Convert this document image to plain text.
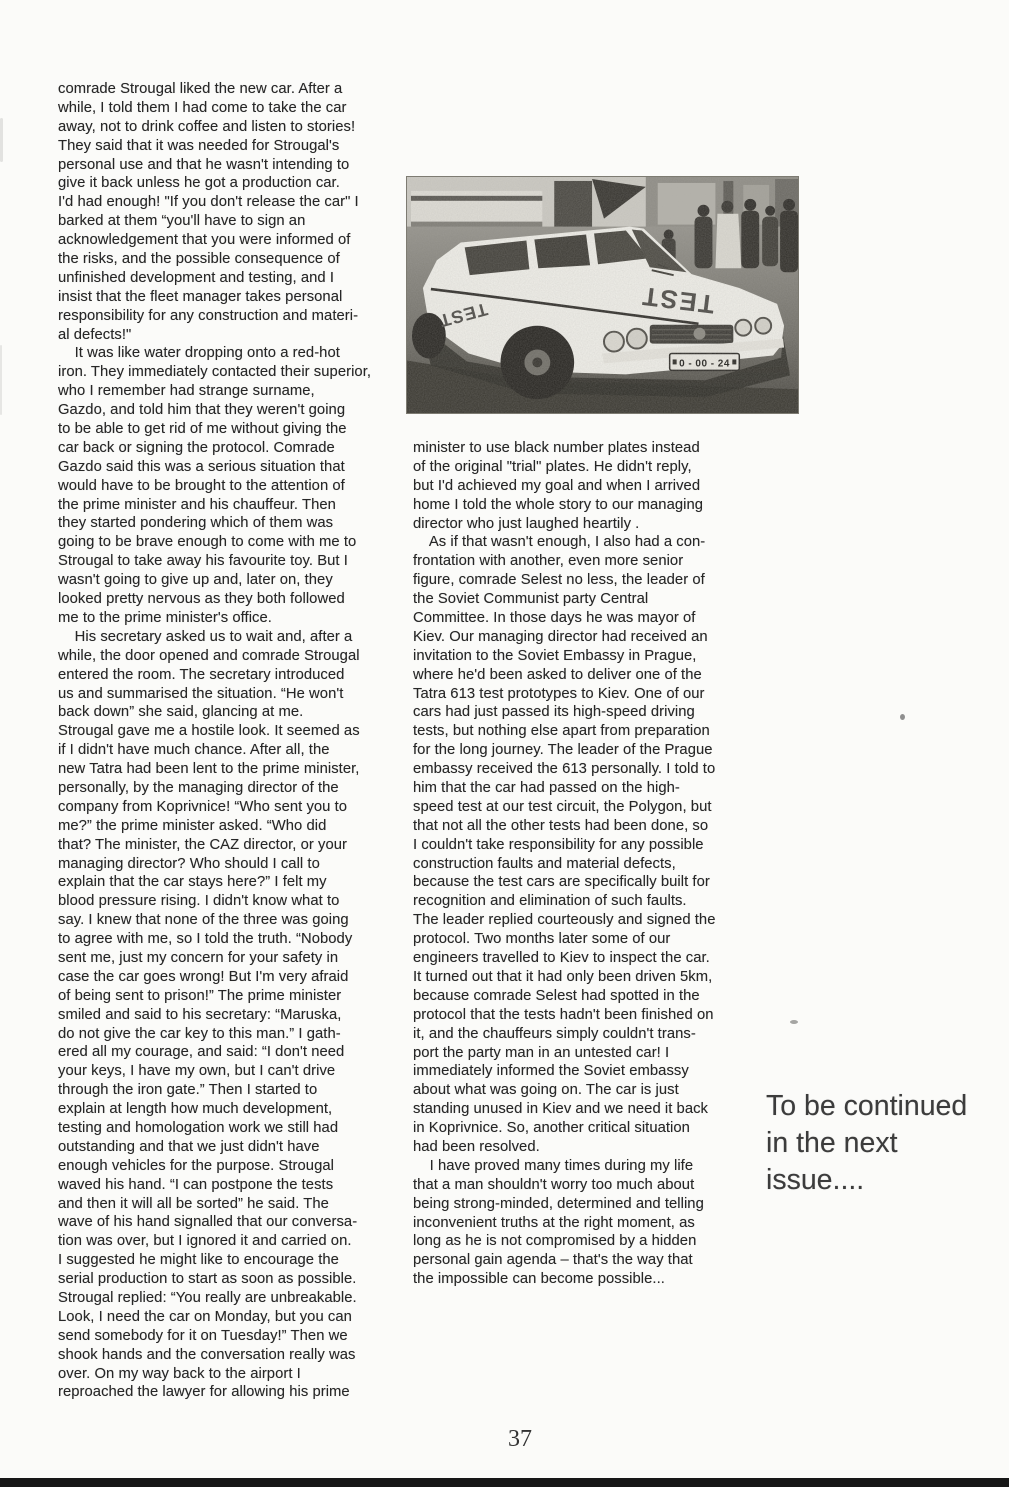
comrade Strougal liked the new car. After a
while, I told them I had come to take the car
away, not to drink coffee and listen to stories!
They said that it was needed for Strougal's
personal use and that he wasn't intending to
give it back unless he got a production car.
I'd had enough! "If you don't release the car" I
barked at them “you'll have to sign an
acknowledgement that you were informed of
the risks, and the possible consequence of
unfinished development and testing, and I
insist that the fleet manager takes personal
responsibility for any construction and materi-
al defects!"
It was like water dropping onto a red-hot
iron. They immediately contacted their superior,
who I remember had strange surname,
Gazdo, and told him that they weren't going
to be able to get rid of me without giving the
car back or signing the protocol. Comrade
Gazdo said this was a serious situation that
would have to be brought to the attention of
the prime minister and his chauffeur. Then
they started pondering which of them was
going to be brave enough to come with me to
Strougal to take away his favourite toy. But I
wasn't going to give up and, later on, they
looked pretty nervous as they both followed
me to the prime minister's office.
His secretary asked us to wait and, after a
while, the door opened and comrade Strougal
entered the room. The secretary introduced
us and summarised the situation. “He won't
back down” she said, glancing at me.
Strougal gave me a hostile look. It seemed as
if I didn't have much chance. After all, the
new Tatra had been lent to the prime minister,
personally, by the managing director of the
company from Koprivnice! “Who sent you to
me?” the prime minister asked. “Who did
that? The minister, the CAZ director, or your
managing director? Who should I call to
explain that the car stays here?” I felt my
blood pressure rising. I didn't know what to
say. I knew that none of the three was going
to agree with me, so I told the truth. “Nobody
sent me, just my concern for your safety in
case the car goes wrong! But I'm very afraid
of being sent to prison!” The prime minister
smiled and said to his secretary: “Maruska,
do not give the car key to this man.” I gath-
ered all my courage, and said: “I don't need
your keys, I have my own, but I can't drive
through the iron gate.” Then I started to
explain at length how much development,
testing and homologation work we still had
outstanding and that we just didn't have
enough vehicles for the purpose. Strougal
waved his hand. “I can postpone the tests
and then it will all be sorted” he said. The
wave of his hand signalled that our conversa-
tion was over, but I ignored it and carried on.
I suggested he might like to encourage the
serial production to start as soon as possible.
Strougal replied: “You really are unbreakable.
Look, I need the car on Monday, but you can
send somebody for it on Tuesday!” Then we
shook hands and the conversation really was
over. On my way back to the airport I
reproached the lawyer for allowing his prime
minister to use black number plates instead
of the original "trial" plates. He didn't reply,
but I'd achieved my goal and when I arrived
home I told the whole story to our managing
director who just laughed heartily .
As if that wasn't enough, I also had a con-
frontation with another, even more senior
figure, comrade Selest no less, the leader of
the Soviet Communist party Central
Committee. In those days he was mayor of
Kiev. Our managing director had received an
invitation to the Soviet Embassy in Prague,
where he'd been asked to deliver one of the
Tatra 613 test prototypes to Kiev. One of our
cars had just passed its high-speed driving
tests, but nothing else apart from preparation
for the long journey. The leader of the Prague
embassy received the 613 personally. I told to
him that the car had passed on the high-
speed test at our test circuit, the Polygon, but
that not all the other tests had been done, so
I couldn't take responsibility for any possible
construction faults and material defects,
because the test cars are specifically built for
recognition and elimination of such faults.
The leader replied courteously and signed the
protocol. Two months later some of our
engineers travelled to Kiev to inspect the car.
It turned out that it had only been driven 5km,
because comrade Selest had spotted in the
protocol that the tests hadn't been finished on
it, and the chauffeurs simply couldn't trans-
port the party man in an untested car! I
immediately informed the Soviet embassy
about what was going on. The car is just
standing unused in Kiev and we need it back
in Koprivnice. So, another critical situation
had been resolved.
I have proved many times during my life
that a man shouldn't worry too much about
being strong-minded, determined and telling
inconvenient truths at the right moment, as
long as he is not compromised by a hidden
personal gain agenda – that's the way that
the impossible can become possible...
To be continued
in the next
issue....
37
